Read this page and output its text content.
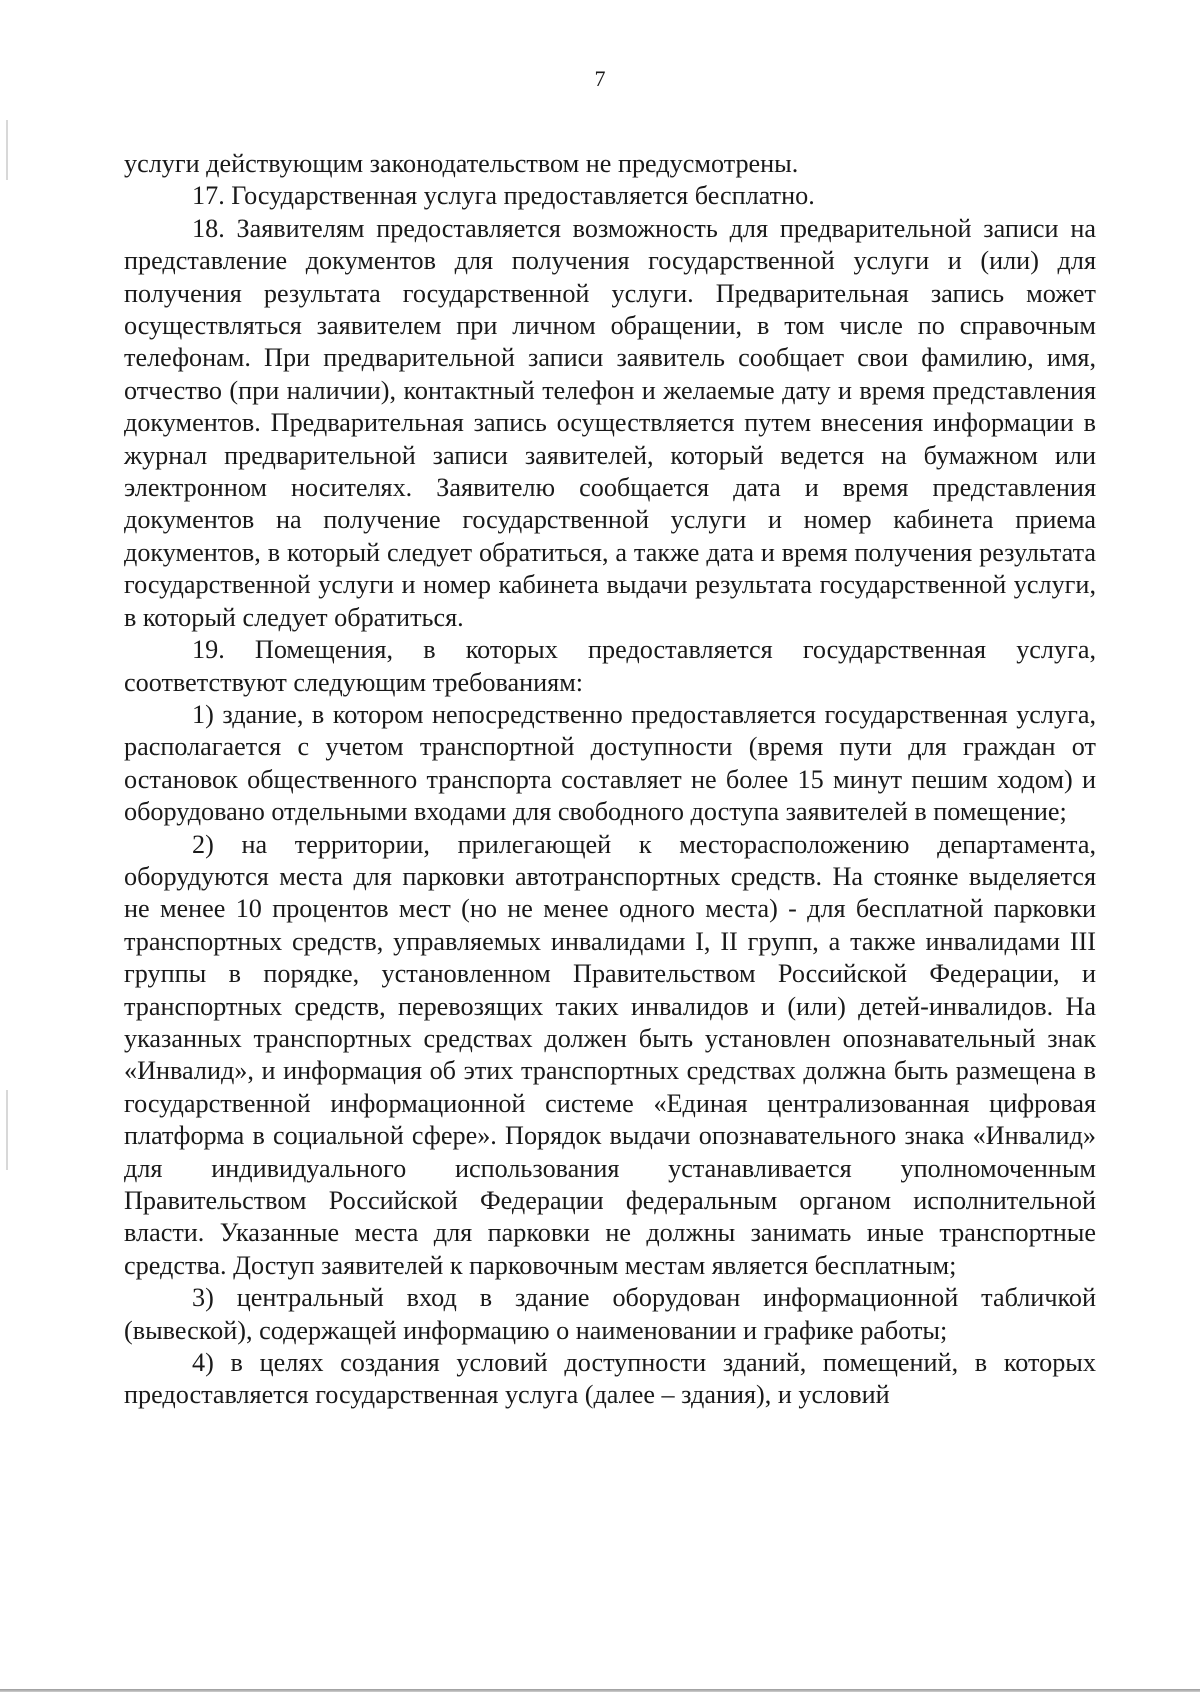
7

услуги действующим законодательством не предусмотрены.

17. Государственная услуга предоставляется бесплатно.

18. Заявителям предоставляется возможность для предварительной записи на представление документов для получения государственной услуги и (или) для получения результата государственной услуги. Предварительная запись может осуществляться заявителем при личном обращении, в том числе по справочным телефонам. При предварительной записи заявитель сообщает свои фамилию, имя, отчество (при наличии), контактный телефон и желаемые дату и время представления документов. Предварительная запись осуществляется путем внесения информации в журнал предварительной записи заявителей, который ведется на бумажном или электронном носителях. Заявителю сообщается дата и время представления документов на получение государственной услуги и номер кабинета приема документов, в который следует обратиться, а также дата и время получения результата государственной услуги и номер кабинета выдачи результата государственной услуги, в который следует обратиться.

19. Помещения, в которых предоставляется государственная услуга, соответствуют следующим требованиям:

1) здание, в котором непосредственно предоставляется государственная услуга, располагается с учетом транспортной доступности (время пути для граждан от остановок общественного транспорта составляет не более 15 минут пешим ходом) и оборудовано отдельными входами для свободного доступа заявителей в помещение;

2) на территории, прилегающей к месторасположению департамента, оборудуются места для парковки автотранспортных средств. На стоянке выделяется не менее 10 процентов мест (но не менее одного места) - для бесплатной парковки транспортных средств, управляемых инвалидами I, II групп, а также инвалидами III группы в порядке, установленном Правительством Российской Федерации, и транспортных средств, перевозящих таких инвалидов и (или) детей-инвалидов. На указанных транспортных средствах должен быть установлен опознавательный знак «Инвалид», и информация об этих транспортных средствах должна быть размещена в государственной информационной системе «Единая централизованная цифровая платформа в социальной сфере». Порядок выдачи опознавательного знака «Инвалид» для индивидуального использования устанавливается уполномоченным Правительством Российской Федерации федеральным органом исполнительной власти. Указанные места для парковки не должны занимать иные транспортные средства. Доступ заявителей к парковочным местам является бесплатным;

3) центральный вход в здание оборудован информационной табличкой (вывеской), содержащей информацию о наименовании и графике работы;

4) в целях создания условий доступности зданий, помещений, в которых предоставляется государственная услуга (далее – здания), и условий
